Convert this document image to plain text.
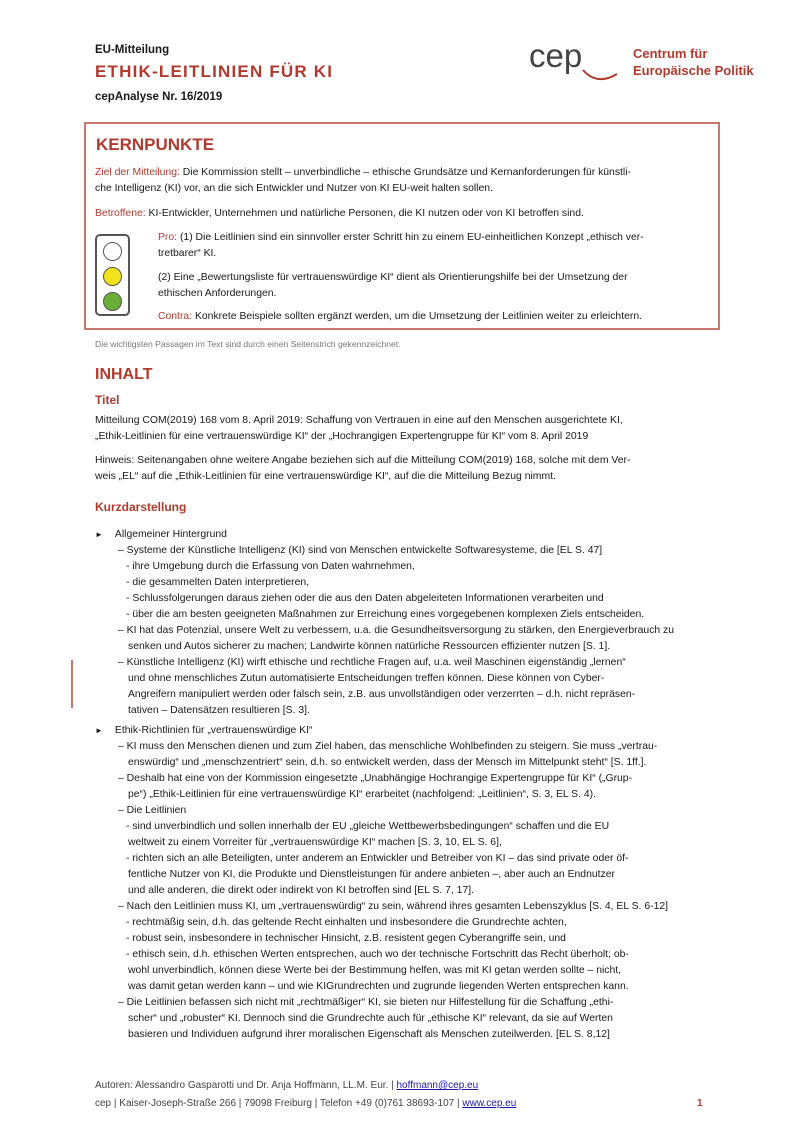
EU-Mitteilung
ETHIK-LEITLINIEN FÜR KI
cepAnalyse Nr. 16/2019
cep	Centrum für
Europäische Politik
KERNPUNKTE
Ziel der Mitteilung: Die Kommission stellt – unverbindliche – ethische Grundsätze und Kernanforderungen für künstli-
che Intelligenz (KI) vor, an die sich Entwickler und Nutzer von KI EU-weit halten sollen.
Betroffene: KI-Entwickler, Unternehmen und natürliche Personen, die KI nutzen oder von KI betroffen sind.
Pro: (1) Die Leitlinien sind ein sinnvoller erster Schritt hin zu einem EU-einheitlichen Konzept „ethisch ver-
tretbarer“ KI.
(2) Eine „Bewertungsliste für vertrauenswürdige KI“ dient als Orientierungshilfe bei der Umsetzung der
ethischen Anforderungen.
Contra: Konkrete Beispiele sollten ergänzt werden, um die Umsetzung der Leitlinien weiter zu erleichtern.
Die wichtigsten Passagen im Text sind durch einen Seitenstrich gekennzeichnet.
INHALT
Titel
Mitteilung COM(2019) 168 vom 8. April 2019: Schaffung von Vertrauen in eine auf den Menschen ausgerichtete KI,
„Ethik-Leitlinien für eine vertrauenswürdige KI“ der „Hochrangigen Expertengruppe für KI“ vom 8. April 2019
Hinweis: Seitenangaben ohne weitere Angabe beziehen sich auf die Mitteilung COM(2019) 168, solche mit dem Ver-
weis „EL“ auf die „Ethik-Leitlinien für eine vertrauenswürdige KI“, auf die die Mitteilung Bezug nimmt.
Kurzdarstellung
► Allgemeiner Hintergrund
– Systeme der Künstliche Intelligenz (KI) sind von Menschen entwickelte Softwaresysteme, die [EL S. 47]
- ihre Umgebung durch die Erfassung von Daten wahrnehmen,
- die gesammelten Daten interpretieren,
- Schlussfolgerungen daraus ziehen oder die aus den Daten abgeleiteten Informationen verarbeiten und
- über die am besten geeigneten Maßnahmen zur Erreichung eines vorgegebenen komplexen Ziels entscheiden.
– KI hat das Potenzial, unsere Welt zu verbessern, u.a. die Gesundheitsversorgung zu stärken, den Energieverbrauch zu
senken und Autos sicherer zu machen; Landwirte können natürliche Ressourcen effizienter nutzen [S. 1].
– Künstliche Intelligenz (KI) wirft ethische und rechtliche Fragen auf, u.a. weil Maschinen eigenständig „lernen“
und ohne menschliches Zutun automatisierte Entscheidungen treffen können. Diese können von Cyber-
Angreifern manipuliert werden oder falsch sein, z.B. aus unvollständigen oder verzerrten – d.h. nicht repräsen-
tativen – Datensätzen resultieren [S. 3].
► Ethik-Richtlinien für „vertrauenswürdige KI“
– KI muss den Menschen dienen und zum Ziel haben, das menschliche Wohlbefinden zu steigern. Sie muss „vertrau-
enswürdig“ und „menschzentriert“ sein, d.h. so entwickelt werden, dass der Mensch im Mittelpunkt steht“ [S. 1ff.].
– Deshalb hat eine von der Kommission eingesetzte „Unabhängige Hochrangige Expertengruppe für KI“ („Grup-
pe“) „Ethik-Leitlinien für eine vertrauenswürdige KI“ erarbeitet (nachfolgend: „Leitlinien“, S. 3, EL S. 4).
– Die Leitlinien
- sind unverbindlich und sollen innerhalb der EU „gleiche Wettbewerbsbedingungen“ schaffen und die EU
weltweit zu einem Vorreiter für „vertrauenswürdige KI“ machen [S. 3, 10, EL S. 6],
- richten sich an alle Beteiligten, unter anderem an Entwickler und Betreiber von KI – das sind private oder öf-
fentliche Nutzer von KI, die Produkte und Dienstleistungen für andere anbieten –, aber auch an Endnutzer
und alle anderen, die direkt oder indirekt von KI betroffen sind [EL S. 7, 17].
– Nach den Leitlinien muss KI, um „vertrauenswürdig“ zu sein, während ihres gesamten Lebenszyklus [S. 4, EL S. 6-12]
- rechtmäßig sein, d.h. das geltende Recht einhalten und insbesondere die Grundrechte achten,
- robust sein, insbesondere in technischer Hinsicht, z.B. resistent gegen Cyberangriffe sein, und
- ethisch sein, d.h. ethischen Werten entsprechen, auch wo der technische Fortschritt das Recht überholt; ob-
wohl unverbindlich, können diese Werte bei der Bestimmung helfen, was mit KI getan werden sollte – nicht,
was damit getan werden kann – und wie KIGrundrechten und zugrunde liegenden Werten entsprechen kann.
– Die Leitlinien befassen sich nicht mit „rechtmäßiger“ KI, sie bieten nur Hilfestellung für die Schaffung „ethi-
scher“ und „robuster“ KI. Dennoch sind die Grundrechte auch für „ethische KI“ relevant, da sie auf Werten
basieren und Individuen aufgrund ihrer moralischen Eigenschaft als Menschen zuteilwerden. [EL S. 8,12]
Autoren: Alessandro Gasparotti und Dr. Anja Hoffmann, LL.M. Eur. | hoffmann@cep.eu
cep | Kaiser-Joseph-Straße 266 | 79098 Freiburg | Telefon +49 (0)761 38693-107 | www.cep.eu	1
